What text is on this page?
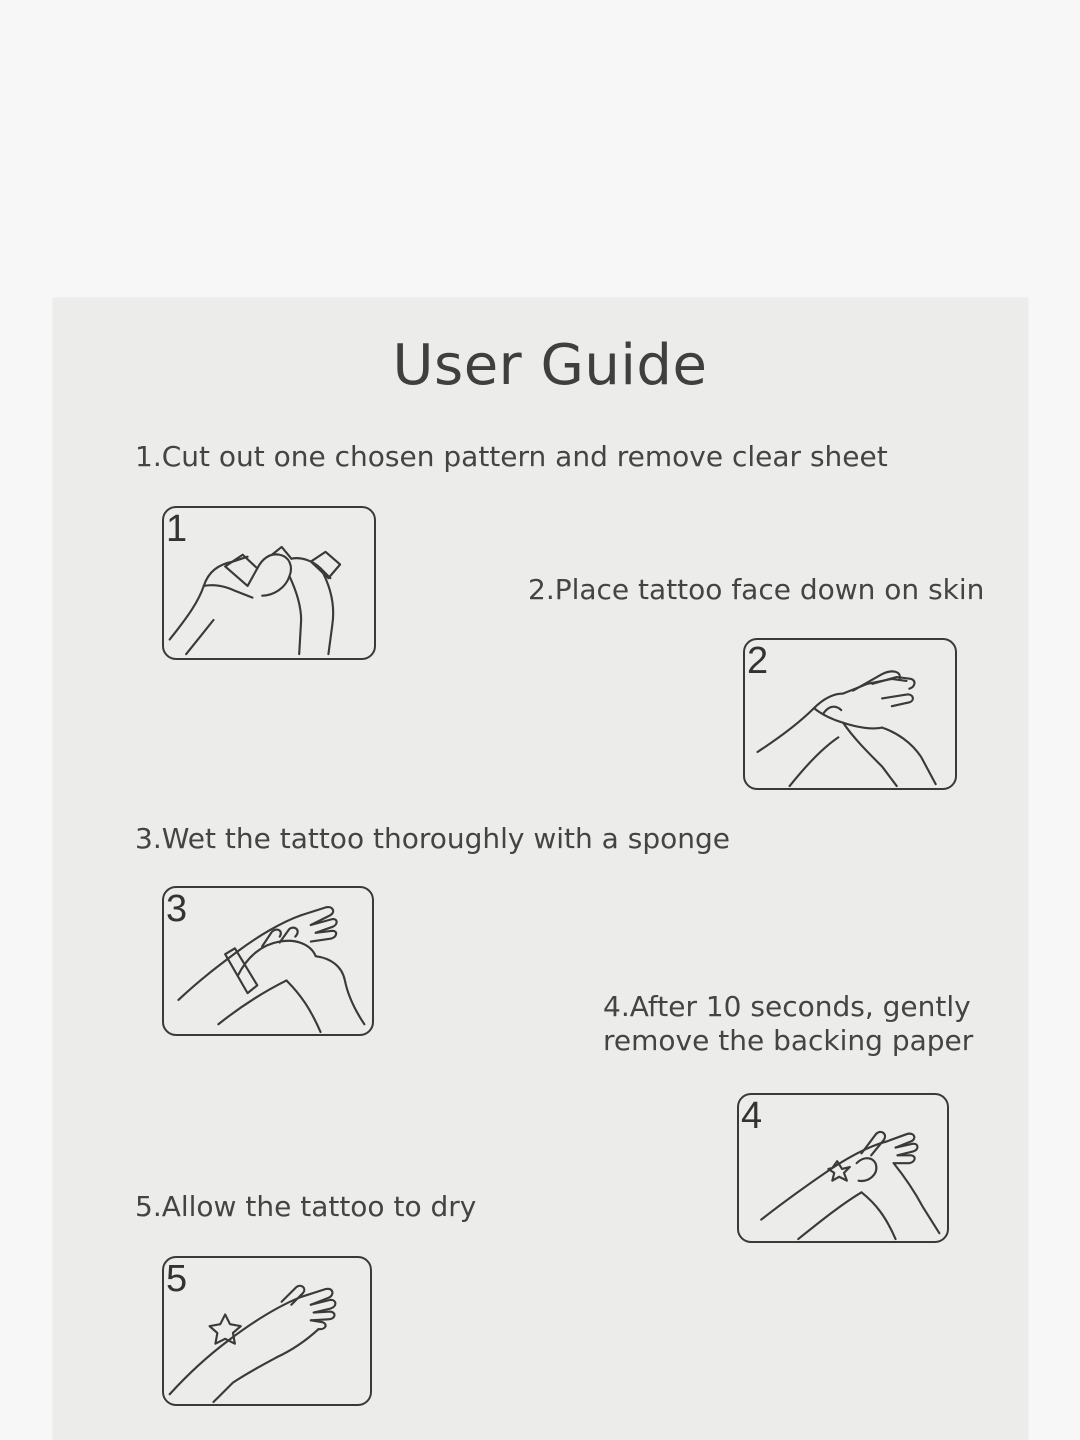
User Guide
1.Cut out one chosen pattern and remove clear sheet
1
2.Place tattoo face down on skin
2
3.Wet the tattoo thoroughly with a sponge
3
4.After 10 seconds, gently
remove the backing paper
4
5.Allow the tattoo to dry
5
